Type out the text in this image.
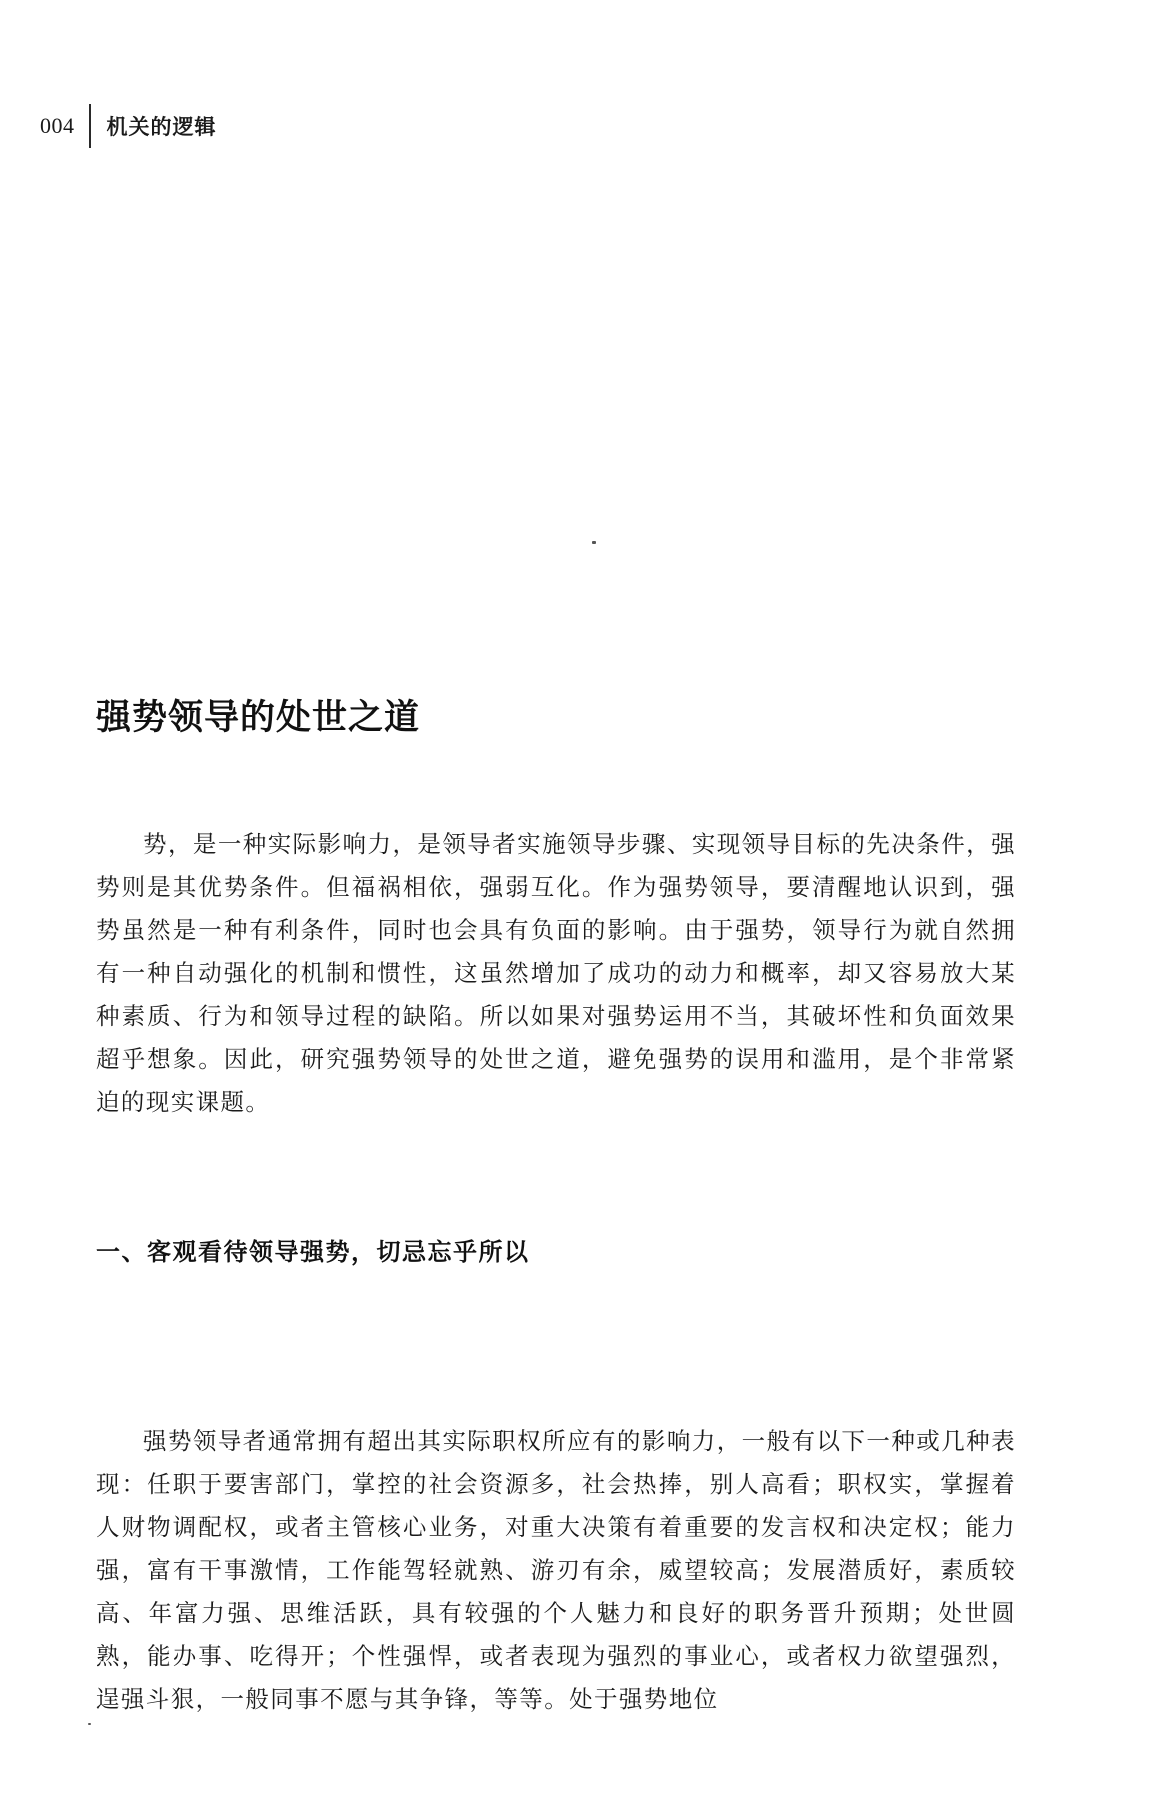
004 机关的逻辑
强势领导的处世之道

势，是一种实际影响力，是领导者实施领导步骤、实现领导目标的先决条件，强势则是其优势条件。但福祸相依，强弱互化。作为强势领导，要清醒地认识到，强势虽然是一种有利条件，同时也会具有负面的影响。由于强势，领导行为就自然拥有一种自动强化的机制和惯性，这虽然增加了成功的动力和概率，却又容易放大某种素质、行为和领导过程的缺陷。所以如果对强势运用不当，其破坏性和负面效果超乎想象。因此，研究强势领导的处世之道，避免强势的误用和滥用，是个非常紧迫的现实课题。

一、客观看待领导强势，切忌忘乎所以

强势领导者通常拥有超出其实际职权所应有的影响力，一般有以下一种或几种表现：任职于要害部门，掌控的社会资源多，社会热捧，别人高看；职权实，掌握着人财物调配权，或者主管核心业务，对重大决策有着重要的发言权和决定权；能力强，富有干事激情，工作能驾轻就熟、游刃有余，威望较高；发展潜质好，素质较高、年富力强、思维活跃，具有较强的个人魅力和良好的职务晋升预期；处世圆熟，能办事、吃得开；个性强悍，或者表现为强烈的事业心，或者权力欲望强烈，逞强斗狠，一般同事不愿与其争锋，等等。处于强势地位
